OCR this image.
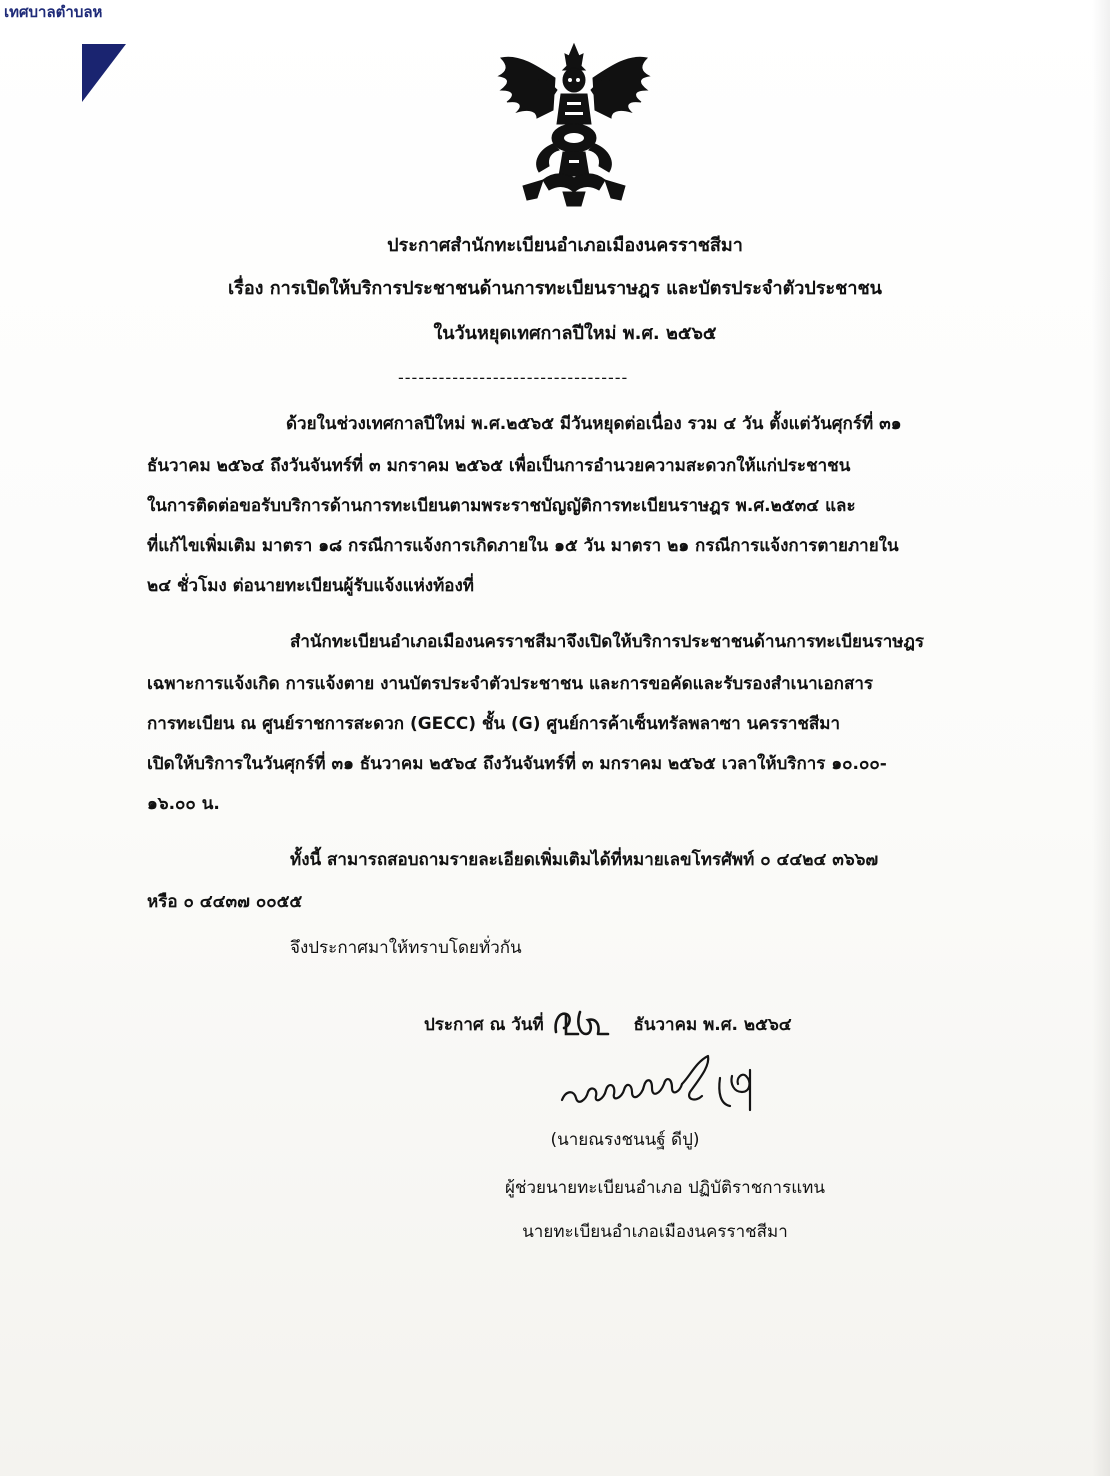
เทศบาลตำบลห
ประกาศสำนักทะเบียนอำเภอเมืองนครราชสีมา
เรื่อง การเปิดให้บริการประชาชนด้านการทะเบียนราษฎร และบัตรประจำตัวประชาชน
ในวันหยุดเทศกาลปีใหม่ พ.ศ. ๒๕๖๕
----------------------------------
ด้วยในช่วงเทศกาลปีใหม่ พ.ศ.๒๕๖๕ มีวันหยุดต่อเนื่อง รวม ๔ วัน ตั้งแต่วันศุกร์ที่ ๓๑
ธันวาคม ๒๕๖๔ ถึงวันจันทร์ที่ ๓ มกราคม ๒๕๖๕ เพื่อเป็นการอำนวยความสะดวกให้แก่ประชาชน
ในการติดต่อขอรับบริการด้านการทะเบียนตามพระราชบัญญัติการทะเบียนราษฎร พ.ศ.๒๕๓๔ และ
ที่แก้ไขเพิ่มเติม มาตรา ๑๘ กรณีการแจ้งการเกิดภายใน ๑๕ วัน มาตรา ๒๑ กรณีการแจ้งการตายภายใน
๒๔ ชั่วโมง ต่อนายทะเบียนผู้รับแจ้งแห่งท้องที่
สำนักทะเบียนอำเภอเมืองนครราชสีมาจึงเปิดให้บริการประชาชนด้านการทะเบียนราษฎร
เฉพาะการแจ้งเกิด การแจ้งตาย งานบัตรประจำตัวประชาชน และการขอคัดและรับรองสำเนาเอกสาร
การทะเบียน ณ ศูนย์ราชการสะดวก (GECC) ชั้น (G) ศูนย์การค้าเซ็นทรัลพลาซา นครราชสีมา
เปิดให้บริการในวันศุกร์ที่ ๓๑ ธันวาคม ๒๕๖๔ ถึงวันจันทร์ที่ ๓ มกราคม ๒๕๖๕ เวลาให้บริการ ๑๐.๐๐-
๑๖.๐๐ น.
ทั้งนี้ สามารถสอบถามรายละเอียดเพิ่มเติมได้ที่หมายเลขโทรศัพท์ ๐ ๔๔๒๔ ๓๖๖๗
หรือ ๐ ๔๔๓๗ ๐๐๕๕
จึงประกาศมาให้ทราบโดยทั่วกัน
ประกาศ ณ วันที่	ธันวาคม พ.ศ. ๒๕๖๔
(นายณรงชนนฐ์ ดีปู)
ผู้ช่วยนายทะเบียนอำเภอ ปฏิบัติราชการแทน
นายทะเบียนอำเภอเมืองนครราชสีมา
